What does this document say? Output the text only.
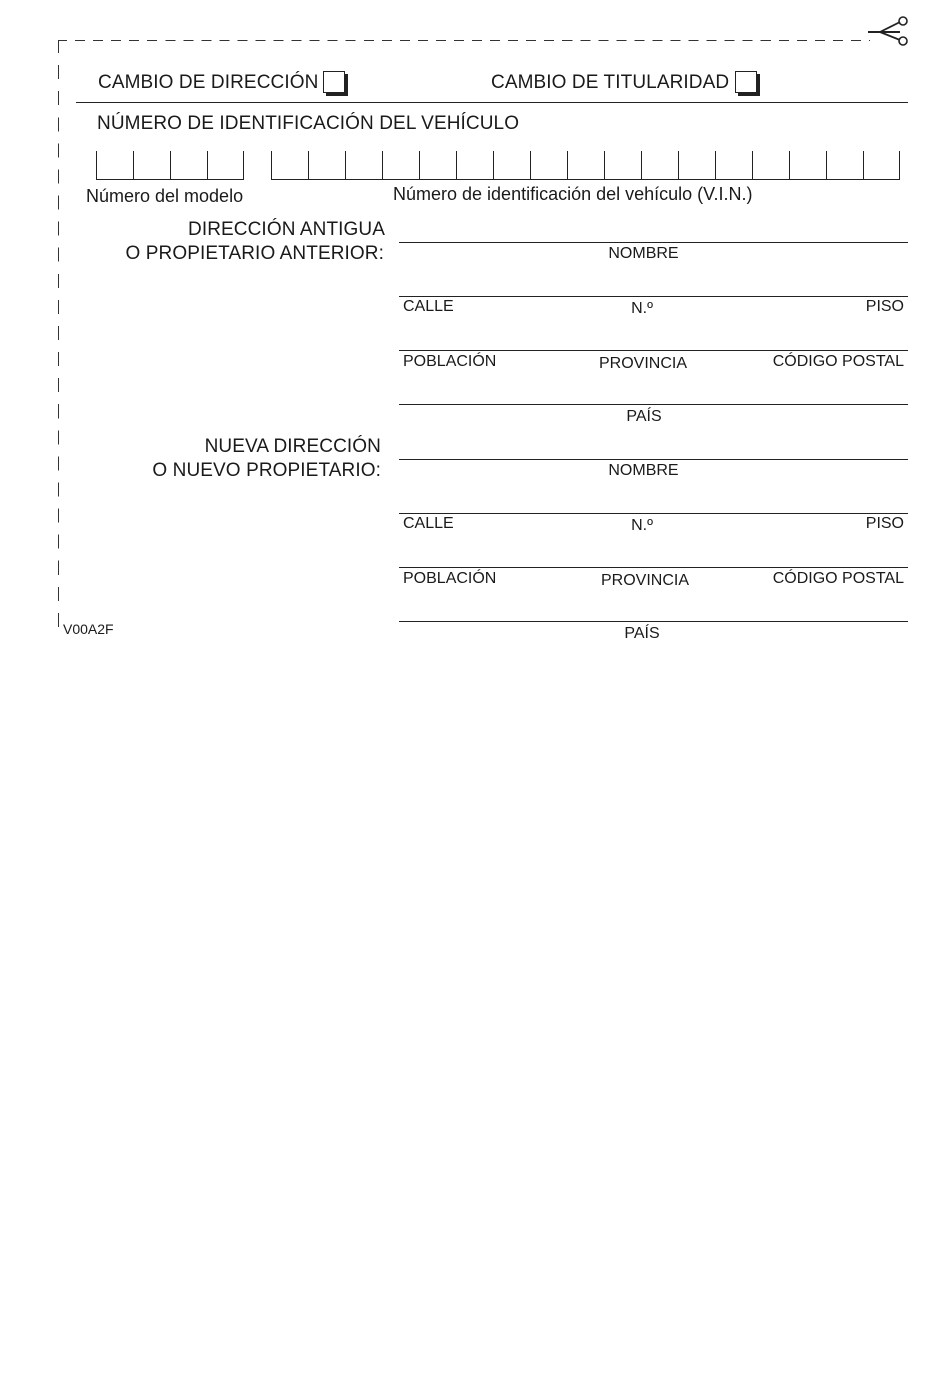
CAMBIO DE DIRECCIÓN	CAMBIO DE TITULARIDAD
NÚMERO DE IDENTIFICACIÓN DEL VEHÍCULO
Número del modelo	Número de identificación del vehículo (V.I.N.)
DIRECCIÓN ANTIGUA
O PROPIETARIO ANTERIOR:	NOMBRE
CALLE	N.º	PISO
POBLACIÓN	PROVINCIA	CÓDIGO POSTAL
PAÍS
NUEVA DIRECCIÓN
O NUEVO PROPIETARIO:	NOMBRE
CALLE	N.º	PISO
POBLACIÓN	PROVINCIA	CÓDIGO POSTAL
PAÍS
V00A2F
